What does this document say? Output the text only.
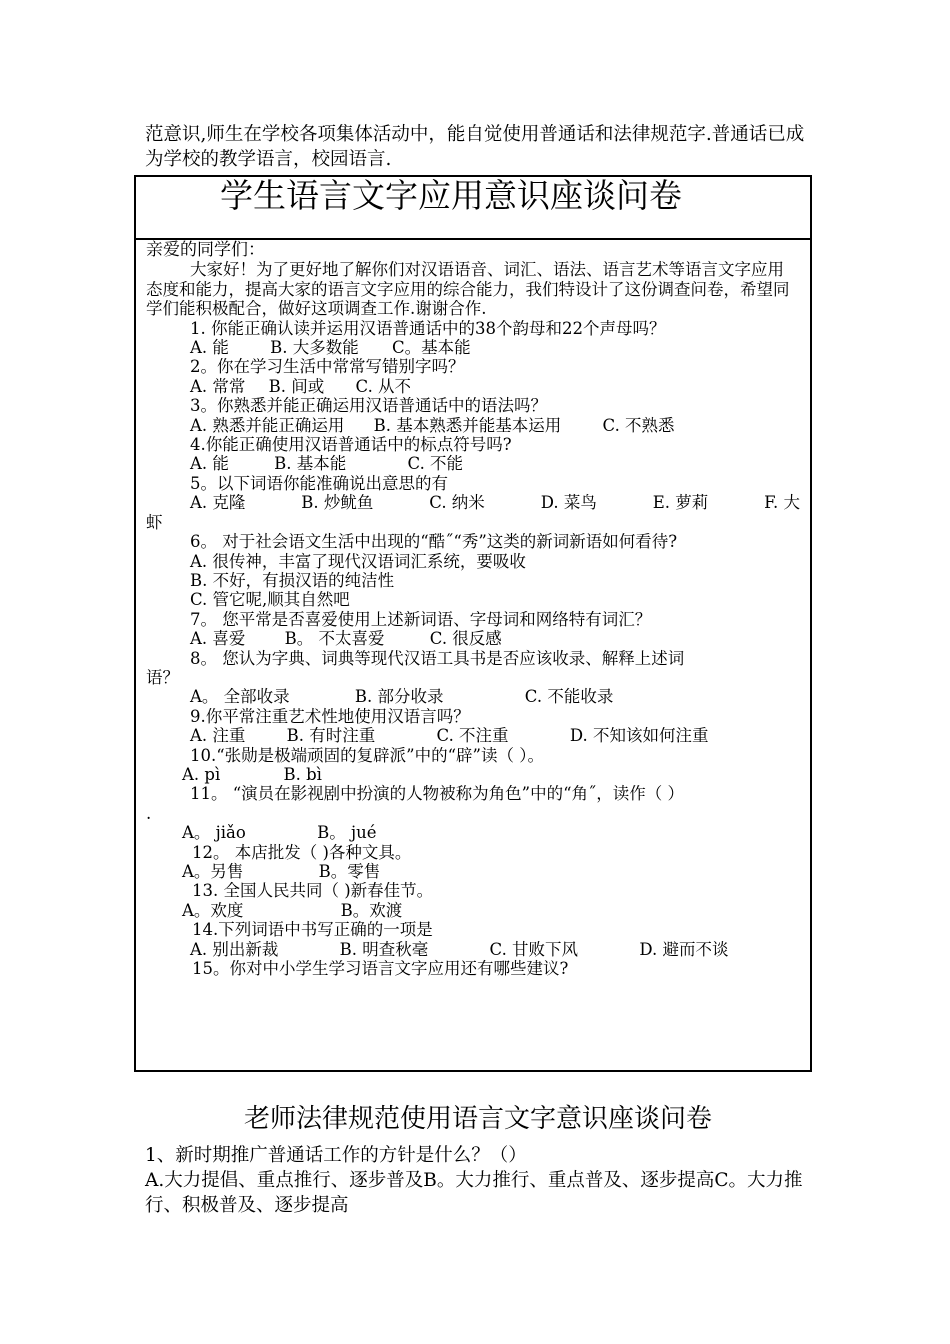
范意识,师生在学校各项集体活动中，能自觉使用普通话和法律规范字.普通话已成为学校的教学语言，校园语言.

学生语言文字应用意识座谈问卷
亲爱的同学们：
大家好！为了更好地了解你们对汉语语音、词汇、语法、语言艺术等语言文字应用态度和能力，提高大家的语言文字应用的综合能力，我们特设计了这份调查问卷，希望同学们能积极配合，做好这项调查工作.谢谢合作.
1. 你能正确认读并运用汉语普通话中的38个韵母和22个声母吗？
A. 能	B. 大多数能 C。基本能
2。你在学习生活中常常写错别字吗？
A. 常常 B. 间或 C. 从不
3。你熟悉并能正确运用汉语普通话中的语法吗？
A. 熟悉并能正确运用 B. 基本熟悉并能基本运用	C. 不熟悉
4.你能正确使用汉语普通话中的标点符号吗?
A. 能	B. 基本能	C. 不能
5。以下词语你能准确说出意思的有
A. 克隆	B. 炒鱿鱼	C. 纳米	D. 菜鸟	E. 萝莉	F. 大
虾
6。 对于社会语文生活中出现的“酷˝“秀”这类的新词新语如何看待?
A. 很传神，丰富了现代汉语词汇系统，要吸收
B. 不好，有损汉语的纯洁性
C. 管它呢,顺其自然吧
7。 您平常是否喜爱使用上述新词语、字母词和网络特有词汇？
A. 喜爱 B。 不太喜爱	C. 很反感
8。 您认为字典、词典等现代汉语工具书是否应该收录、解释上述词
语？
A。 全部收录	B. 部分收录	C. 不能收录
9.你平常注重艺术性地使用汉语言吗？
A. 注重	B. 有时注重	C. 不注重	D. 不知该如何注重
10.“张勋是极端顽固的复辟派”中的“辟”读（ ）。
A. pì	B. bì
11。 “演员在影视剧中扮演的人物被称为角色”中的“角˝，读作（ ）
.
A。 jiǎo	B。 jué
12。 本店批发（ )各种文具。
A。另售	B。零售
13. 全国人民共同（ )新春佳节。
A。欢度	B。欢渡
14.下列词语中书写正确的一项是
A. 别出新裁	B. 明查秋毫	C. 甘败下风	D. 避而不谈
15。你对中小学生学习语言文字应用还有哪些建议?
老师法律规范使用语言文字意识座谈问卷
1、新时期推广普通话工作的方针是什么？（）
A.大力提倡、重点推行、逐步普及B。大力推行、重点普及、逐步提高C。大力推行、积极普及、逐步提高
